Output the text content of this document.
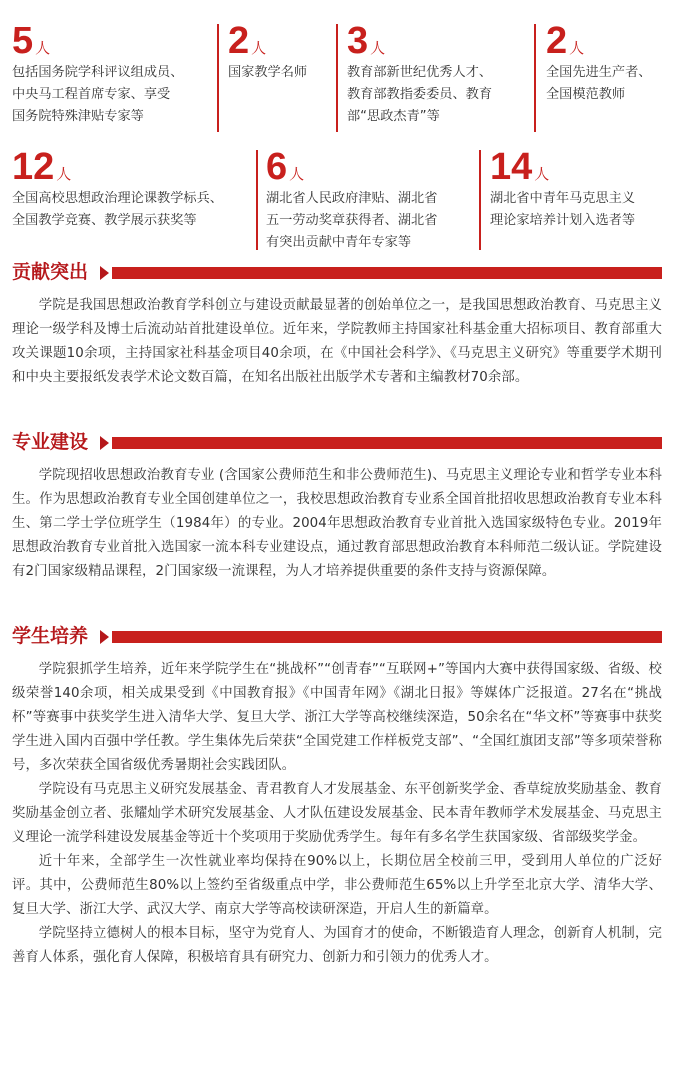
5 人
包括国务院学科评议组成员、
中央马工程首席专家、享受
国务院特殊津贴专家等
2 人
国家教学名师
3 人
教育部新世纪优秀人才、
教育部教指委委员、教育
部“思政杰青”等
2 人
全国先进生产者、
全国模范教师
12 人
全国高校思想政治理论课教学标兵、
全国教学竞赛、教学展示获奖等
6 人
湖北省人民政府津贴、湖北省
五一劳动奖章获得者、湖北省
有突出贡献中青年专家等
14 人
湖北省中青年马克思主义
理论家培养计划入选者等
贡献突出

学院是我国思想政治教育学科创立与建设贡献最显著的创始单位之一，是我国思想政治教育、马克思主义理论一级学科及博士后流动站首批建设单位。近年来，学院教师主持国家社科基金重大招标项目、教育部重大攻关课题10余项，主持国家社科基金项目40余项，在《中国社会科学》、《马克思主义研究》等重要学术期刊和中央主要报纸发表学术论文数百篇，在知名出版社出版学术专著和主编教材70余部。

专业建设

学院现招收思想政治教育专业 (含国家公费师范生和非公费师范生)、马克思主义理论专业和哲学专业本科生。作为思想政治教育专业全国创建单位之一，我校思想政治教育专业系全国首批招收思想政治教育专业本科生、第二学士学位班学生（1984年）的专业。2004年思想政治教育专业首批入选国家级特色专业。2019年思想政治教育专业首批入选国家一流本科专业建设点，通过教育部思想政治教育本科师范二级认证。学院建设有2门国家级精品课程，2门国家级一流课程，为人才培养提供重要的条件支持与资源保障。

学生培养

学院狠抓学生培养，近年来学院学生在“挑战杯”“创青春”“互联网+”等国内大赛中获得国家级、省级、校级荣誉140余项，相关成果受到《中国教育报》《中国青年网》《湖北日报》等媒体广泛报道。27名在“挑战杯”等赛事中获奖学生进入清华大学、复旦大学、浙江大学等高校继续深造，50余名在“华文杯”等赛事中获奖学生进入国内百强中学任教。学生集体先后荣获“全国党建工作样板党支部”、“全国红旗团支部”等多项荣誉称号，多次荣获全国省级优秀暑期社会实践团队。

学院设有马克思主义研究发展基金、青君教育人才发展基金、东平创新奖学金、香草绽放奖励基金、教育奖励基金创立者、张耀灿学术研究发展基金、人才队伍建设发展基金、民本青年教师学术发展基金、马克思主义理论一流学科建设发展基金等近十个奖项用于奖励优秀学生。每年有多名学生获国家级、省部级奖学金。

近十年来，全部学生一次性就业率均保持在90%以上，长期位居全校前三甲，受到用人单位的广泛好评。其中，公费师范生80%以上签约至省级重点中学，非公费师范生65%以上升学至北京大学、清华大学、复旦大学、浙江大学、武汉大学、南京大学等高校读研深造，开启人生的新篇章。

学院坚持立德树人的根本目标，坚守为党育人、为国育才的使命，不断锻造育人理念，创新育人机制，完善育人体系，强化育人保障，积极培育具有研究力、创新力和引领力的优秀人才。
